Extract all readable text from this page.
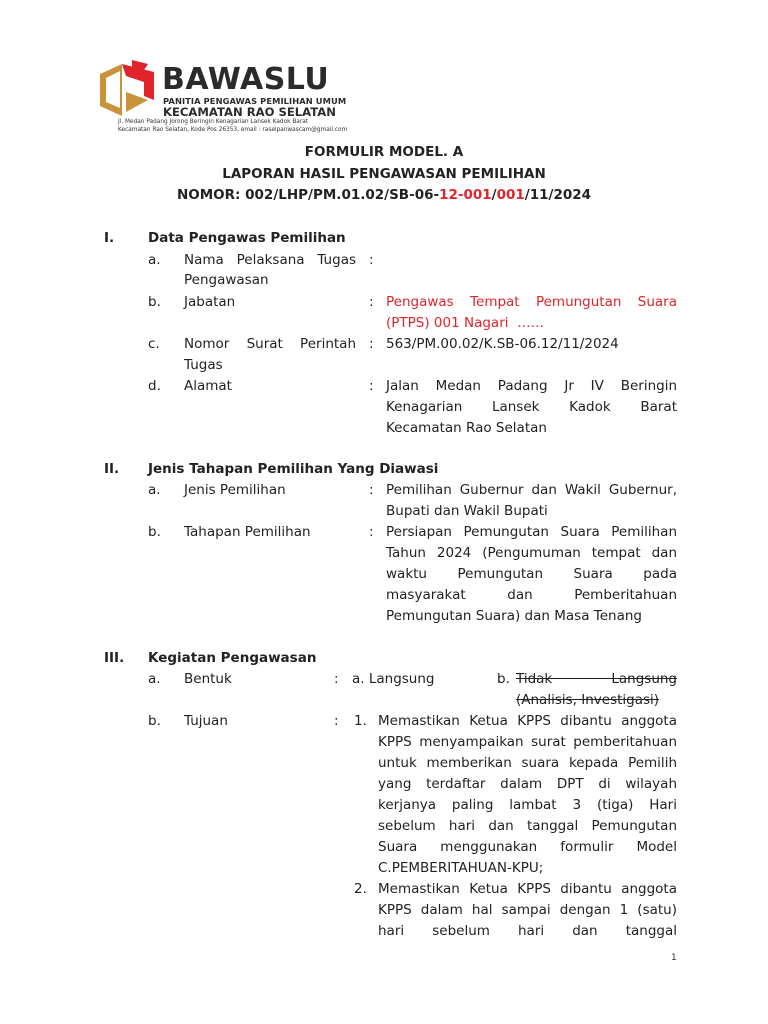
BAWASLU
PANITIA PENGAWAS PEMILIHAN UMUM
KECAMATAN RAO SELATAN
Jl. Medan Padang Jorong Beringin Kenagarian Lansek Kadok Barat
Kecamatan Rao Selatan, Kode Pos 26353, email : raselpanwascam@gmail.com
FORMULIR MODEL. A
LAPORAN HASIL PENGAWASAN PEMILIHAN
NOMOR: 002/LHP/PM.01.02/SB-06-12-001/001/11/2024
I.	Data Pengawas Pemilihan
a. Nama Pelaksana Tugas :
Pengawasan
b. Jabatan	: Pengawas Tempat Pemungutan Suara
(PTPS) 001 Nagari  ……
c. Nomor Surat Perintah : 563/PM.00.02/K.SB-06.12/11/2024
Tugas
d. Alamat	: Jalan Medan Padang Jr IV Beringin
Kenagarian Lansek Kadok Barat
Kecamatan Rao Selatan
II. Jenis Tahapan Pemilihan Yang Diawasi
a. Jenis Pemilihan	: Pemilihan Gubernur dan Wakil Gubernur,
Bupati dan Wakil Bupati
b. Tahapan Pemilihan	: Persiapan Pemungutan Suara Pemilihan
Tahun 2024 (Pengumuman tempat dan
waktu Pemungutan Suara pada
masyarakat dan Pemberitahuan
Pemungutan Suara) dan Masa Tenang
III. Kegiatan Pengawasan
a. Bentuk	: a. Langsung	b. Tidak Langsung
(Analisis, Investigasi)
b. Tujuan	: 1. Memastikan Ketua KPPS dibantu anggota
KPPS menyampaikan surat pemberitahuan
untuk memberikan suara kepada Pemilih
yang terdaftar dalam DPT di wilayah
kerjanya paling lambat 3 (tiga) Hari
sebelum hari dan tanggal Pemungutan
Suara menggunakan formulir Model
C.PEMBERITAHUAN-KPU;
2. Memastikan Ketua KPPS dibantu anggota
KPPS dalam hal sampai dengan 1 (satu)
hari sebelum hari dan tanggal
1
